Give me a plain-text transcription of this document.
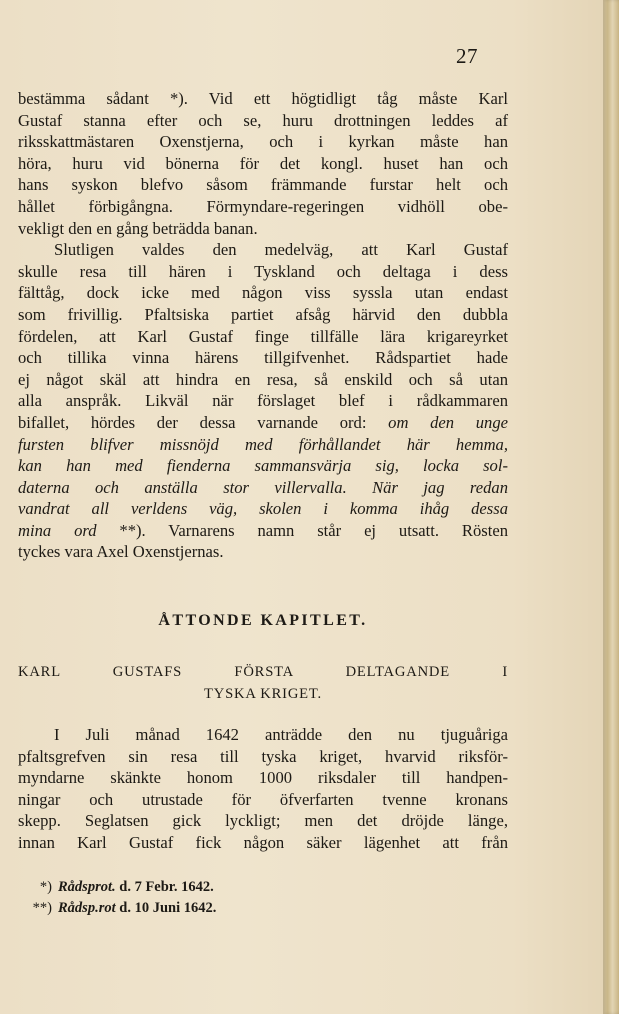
27
bestämma sådant *). Vid ett högtidligt tåg måste Karl
Gustaf stanna efter och se, huru drottningen leddes af
riksskattmästaren Oxenstjerna, och i kyrkan måste han
höra, huru vid bönerna för det kongl. huset han och
hans syskon blefvo såsom främmande furstar helt och
hållet förbigångna. Förmyndare-regeringen vidhöll obe-
vekligt den en gång beträdda banan.
Slutligen valdes den medelväg, att Karl Gustaf
skulle resa till hären i Tyskland och deltaga i dess
fälttåg, dock icke med någon viss syssla utan endast
som frivillig. Pfaltsiska partiet afsåg härvid den dubbla
fördelen, att Karl Gustaf finge tillfälle lära krigareyrket
och tillika vinna härens tillgifvenhet. Rådspartiet hade
ej något skäl att hindra en resa, så enskild och så utan
alla anspråk. Likväl när förslaget blef i rådkammaren
bifallet, hördes der dessa varnande ord: om den unge
fursten blifver missnöjd med förhållandet här hemma,
kan han med fienderna sammansvärja sig, locka sol-
daterna och anställa stor villervalla. När jag redan
vandrat all verldens väg, skolen i komma ihåg dessa
mina ord **). Varnarens namn står ej utsatt. Rösten
tyckes vara Axel Oxenstjernas.
ÅTTONDE KAPITLET.
KARL GUSTAFS FÖRSTA DELTAGANDE I
TYSKA KRIGET.
I Juli månad 1642 anträdde den nu tjuguåriga
pfaltsgrefven sin resa till tyska kriget, hvarvid riksför-
myndarne skänkte honom 1000 riksdaler till handpen-
ningar och utrustade för öfverfarten tvenne kronans
skepp. Seglatsen gick lyckligt; men det dröjde länge,
innan Karl Gustaf fick någon säker lägenhet att från
*) Rådsprot. d. 7 Febr. 1642.
**) Rådsp.rot d. 10 Juni 1642.
